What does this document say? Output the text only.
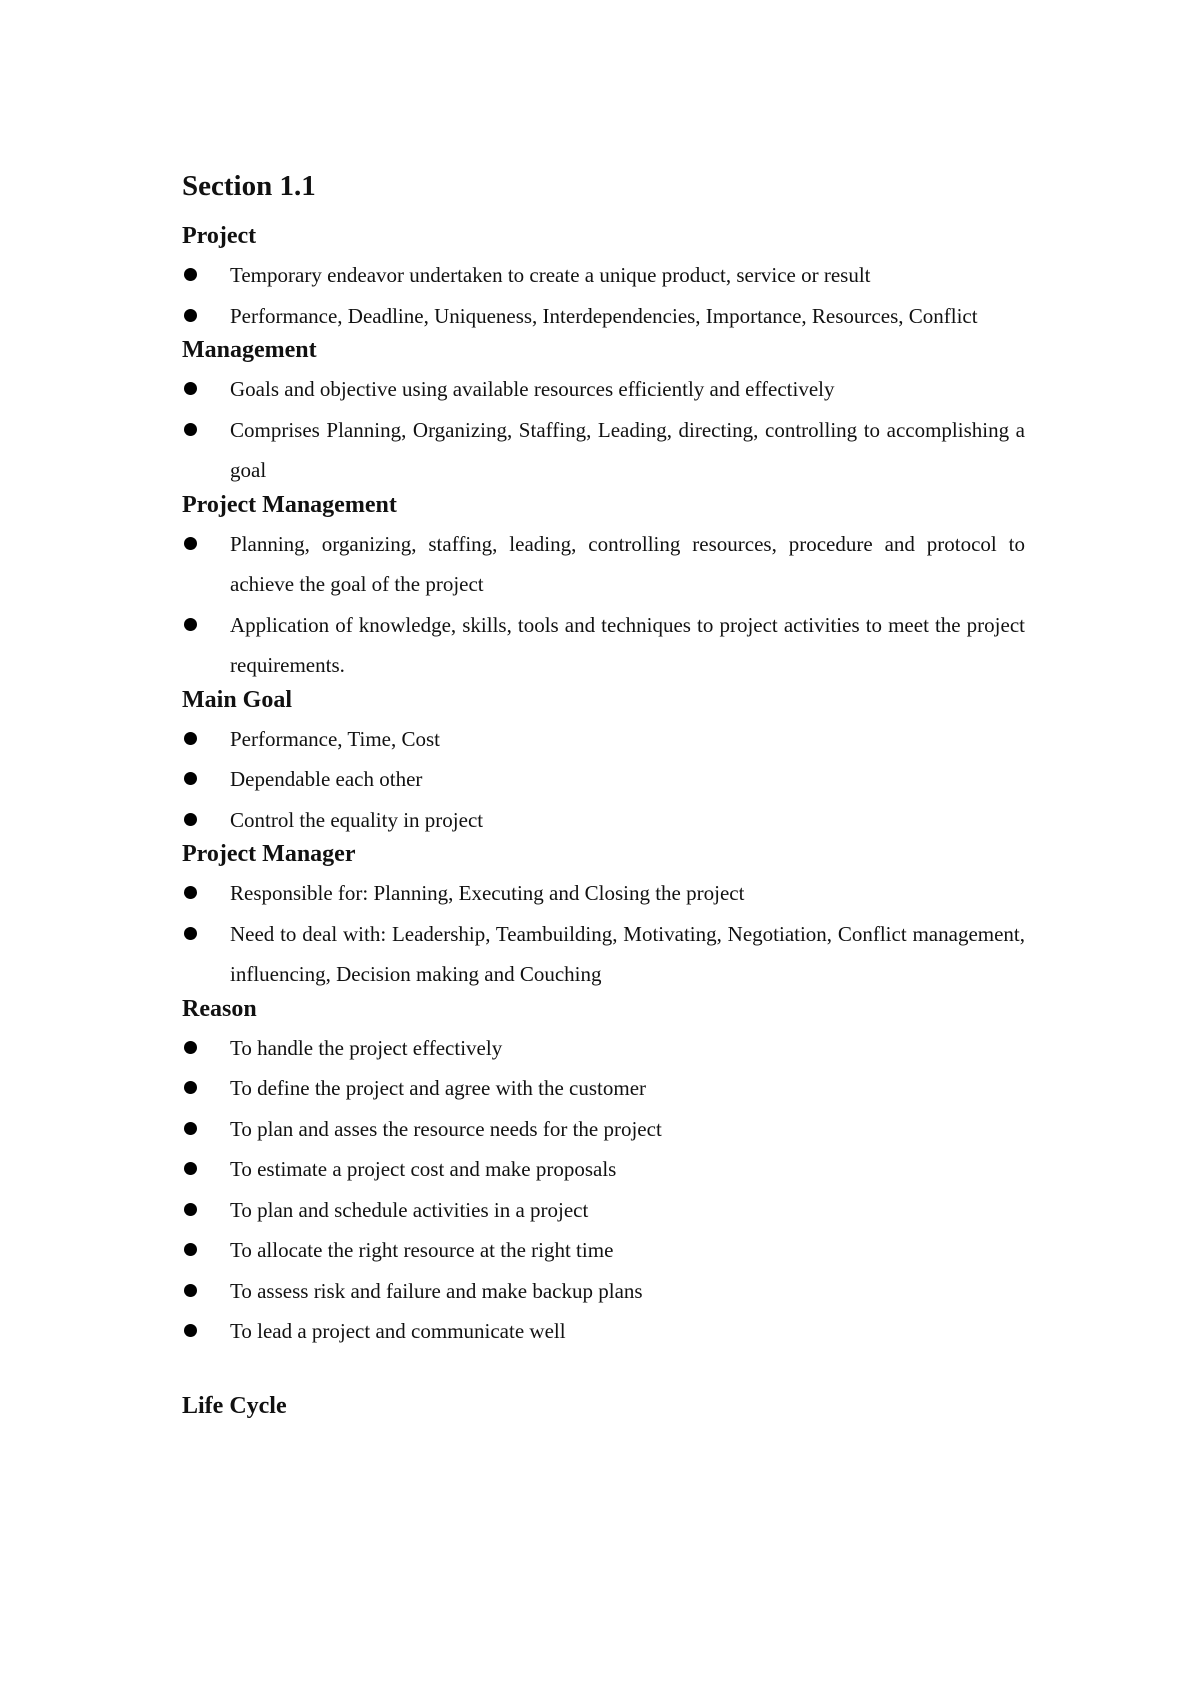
Section 1.1
Project
Temporary endeavor undertaken to create a unique product, service or result
Performance, Deadline, Uniqueness, Interdependencies, Importance, Resources, Conflict
Management
Goals and objective using available resources efficiently and effectively
Comprises Planning, Organizing, Staffing, Leading, directing, controlling to accomplishing a goal
Project Management
Planning, organizing, staffing, leading, controlling resources, procedure and protocol to achieve the goal of the project
Application of knowledge, skills, tools and techniques to project activities to meet the project requirements.
Main Goal
Performance, Time, Cost
Dependable each other
Control the equality in project
Project Manager
Responsible for: Planning, Executing and Closing the project
Need to deal with: Leadership, Teambuilding, Motivating, Negotiation, Conflict management, influencing, Decision making and Couching
Reason
To handle the project effectively
To define the project and agree with the customer
To plan and asses the resource needs for the project
To estimate a project cost and make proposals
To plan and schedule activities in a project
To allocate the right resource at the right time
To assess risk and failure and make backup plans
To lead a project and communicate well
Life Cycle
